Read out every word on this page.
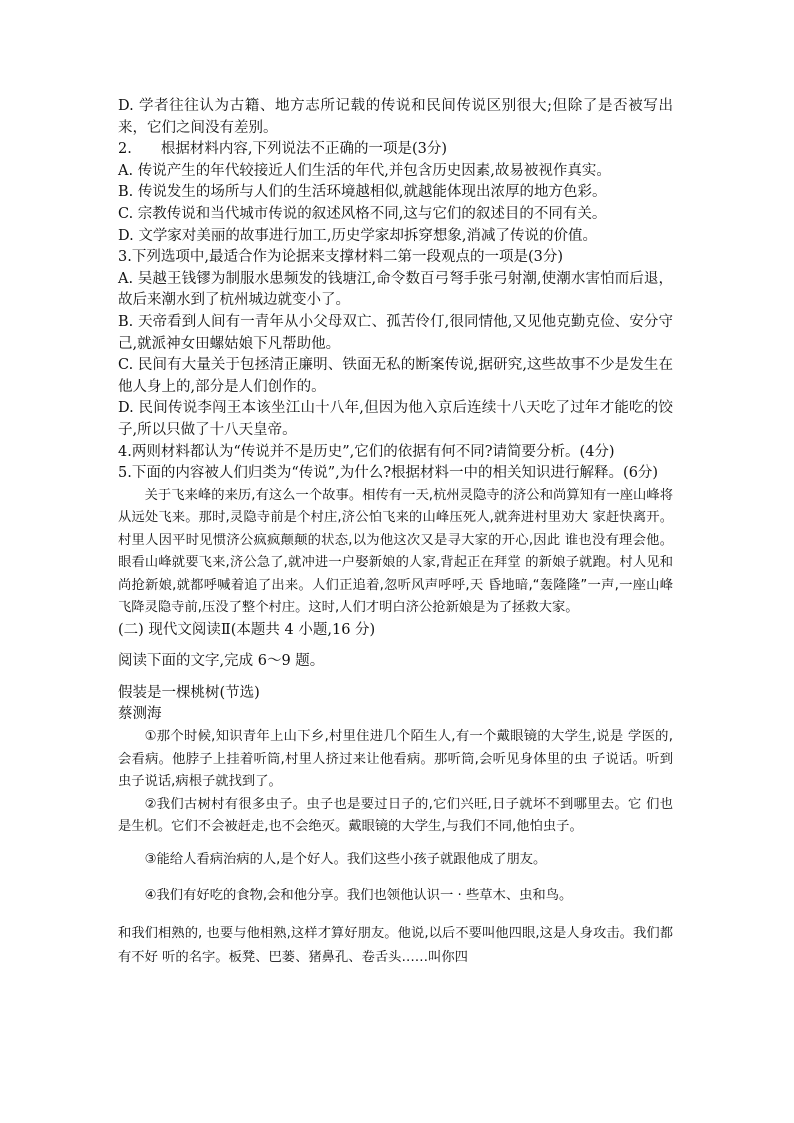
D. 学者往往认为古籍、地方志所记载的传说和民间传说区别很大;但除了是否被写出来，它们之间没有差别。

2.　　根据材料内容,下列说法不正确的一项是(3分)

A. 传说产生的年代较接近人们生活的年代,并包含历史因素,故易被视作真实。

B. 传说发生的场所与人们的生活环境越相似,就越能体现出浓厚的地方色彩。

C. 宗教传说和当代城市传说的叙述风格不同,这与它们的叙述目的不同有关。

D. 文学家对美丽的故事进行加工,历史学家却拆穿想象,消减了传说的价值。

3.下列选项中,最适合作为论据来支撑材料二第一段观点的一项是(3分)

A. 吴越王钱镠为制服水患频发的钱塘江,命令数百弓弩手张弓射潮,使潮水害怕而后退，故后来潮水到了杭州城边就变小了。

B. 天帝看到人间有一青年从小父母双亡、孤苦伶仃,很同情他,又见他克勤克俭、安分守己,就派神女田螺姑娘下凡帮助他。

C. 民间有大量关于包拯清正廉明、铁面无私的断案传说,据研究,这些故事不少是发生在他人身上的,部分是人们创作的。

D. 民间传说李闯王本该坐江山十八年,但因为他入京后连续十八天吃了过年才能吃的饺子,所以只做了十八天皇帝。

4.两则材料都认为“传说并不是历史”,它们的依据有何不同?请简要分析。(4分)

5.下面的内容被人们归类为“传说”,为什么?根据材料一中的相关知识进行解释。(6分)

关于飞来峰的来历,有这么一个故事。相传有一天,杭州灵隐寺的济公和尚算知有一座山峰将从远处飞来。那时,灵隐寺前是个村庄,济公怕飞来的山峰压死人,就奔进村里劝大 家赶快离开。村里人因平时见惯济公疯疯颠颠的状态,以为他这次又是寻大家的开心,因此 谁也没有理会他。眼看山峰就要飞来,济公急了,就冲进一户娶新娘的人家,背起正在拜堂 的新娘子就跑。村人见和尚抢新娘,就都呼喊着追了出来。人们正追着,忽听风声呼呼,天 昏地暗,“轰隆隆”一声,一座山峰飞降灵隐寺前,压没了整个村庄。这时,人们才明白济公抢新娘是为了拯救大家。

(二) 现代文阅读Ⅱ(本题共 4 小题,16 分)

阅读下面的文字,完成 6～9 题。

假装是一棵桃树(节选)

蔡测海

①那个时候,知识青年上山下乡,村里住进几个陌生人,有一个戴眼镜的大学生,说是 学医的,会看病。他脖子上挂着听筒,村里人挤过来让他看病。那听筒,会听见身体里的虫 子说话。听到虫子说话,病根子就找到了。

②我们古树村有很多虫子。虫子也是要过日子的,它们兴旺,日子就坏不到哪里去。它 们也是生机。它们不会被赶走,也不会绝灭。戴眼镜的大学生,与我们不同,他怕虫子。

③能给人看病治病的人,是个好人。我们这些小孩子就跟他成了朋友。

④我们有好吃的食物,会和他分享。我们也领他认识一 · 些草木、虫和鸟。

和我们相熟的, 也要与他相熟,这样才算好朋友。他说,以后不要叫他四眼,这是人身攻击。我们都有不好 听的名字。板凳、巴蒌、猪鼻孔、卷舌头……叫你四
